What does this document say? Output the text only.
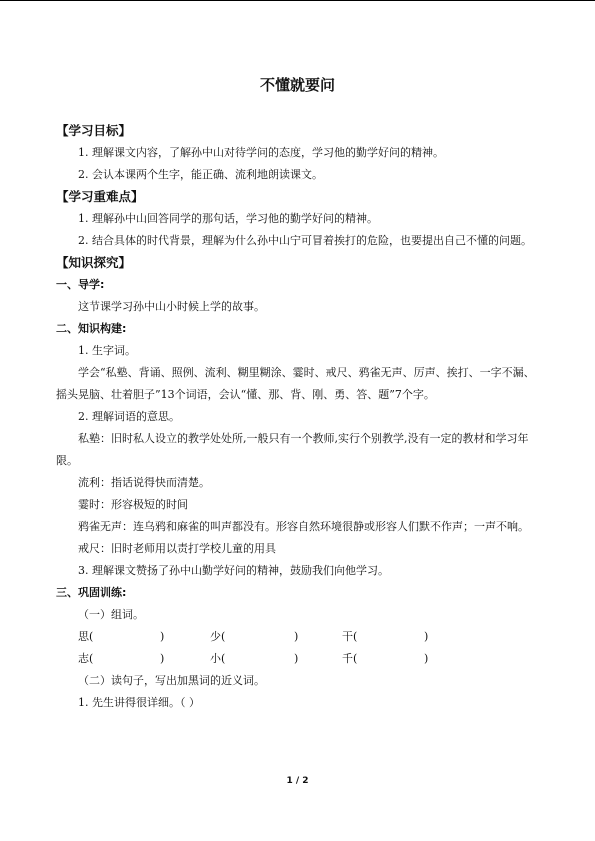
不懂就要问
【学习目标】
1. 理解课文内容，了解孙中山对待学问的态度，学习他的勤学好问的精神。
2. 会认本课两个生字，能正确、流利地朗读课文。
【学习重难点】
1. 理解孙中山回答同学的那句话，学习他的勤学好问的精神。
2. 结合具体的时代背景，理解为什么孙中山宁可冒着挨打的危险，也要提出自己不懂的问题。
【知识探究】
一、导学:
这节课学习孙中山小时候上学的故事。
二、知识构建:
1. 生字词。
学会“私塾、背诵、照例、流利、糊里糊涂、霎时、戒尺、鸦雀无声、厉声、挨打、一字不漏、摇头晃脑、壮着胆子”13个词语，会认“懂、那、背、刚、勇、答、题”7个字。
2. 理解词语的意思。
私塾：旧时私人设立的教学处处所,一般只有一个教师,实行个别教学,没有一定的教材和学习年限。
流利：指话说得快而清楚。
霎时：形容极短的时间
鸦雀无声：连乌鸦和麻雀的叫声都没有。形容自然环境很静或形容人们默不作声；一声不响。
戒尺：旧时老师用以责打学校儿童的用具
3. 理解课文赞扬了孙中山勤学好问的精神，鼓励我们向他学习。
三、巩固训练:
（一）组词。
思(	)	少(	)	干(	)
志(	)	小(	)	千(	)
（二）读句子，写出加黑词的近义词。
1. 先生讲得很详细。（ ）
1 / 2
